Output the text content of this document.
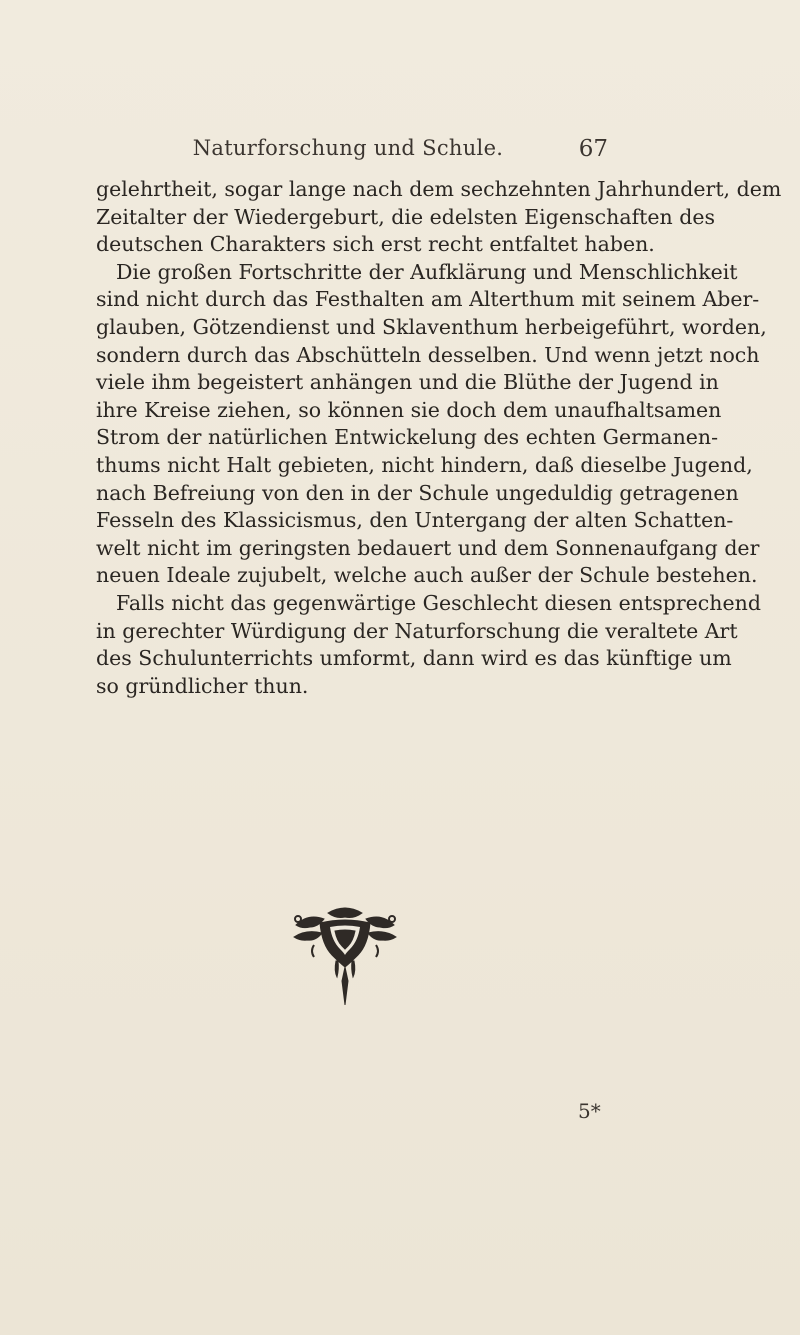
Naturforschung und Schule.	67
gelehrtheit, sogar lange nach dem sechzehnten Jahrhundert, dem
Zeitalter der Wiedergeburt, die edelsten Eigenschaften des
deutschen Charakters sich erst recht entfaltet haben.
Die großen Fortschritte der Aufklärung und Menschlichkeit
sind nicht durch das Festhalten am Alterthum mit seinem Aber-
glauben, Götzendienst und Sklaventhum herbeigeführt, worden,
sondern durch das Abschütteln desselben. Und wenn jetzt noch
viele ihm begeistert anhängen und die Blüthe der Jugend in
ihre Kreise ziehen, so können sie doch dem unaufhaltsamen
Strom der natürlichen Entwickelung des echten Germanen-
thums nicht Halt gebieten, nicht hindern, daß dieselbe Jugend,
nach Befreiung von den in der Schule ungeduldig getragenen
Fesseln des Klassicismus, den Untergang der alten Schatten-
welt nicht im geringsten bedauert und dem Sonnenaufgang der
neuen Ideale zujubelt, welche auch außer der Schule bestehen.
Falls nicht das gegenwärtige Geschlecht diesen entsprechend
in gerechter Würdigung der Naturforschung die veraltete Art
des Schulunterrichts umformt, dann wird es das künftige um
so gründlicher thun.
5*
